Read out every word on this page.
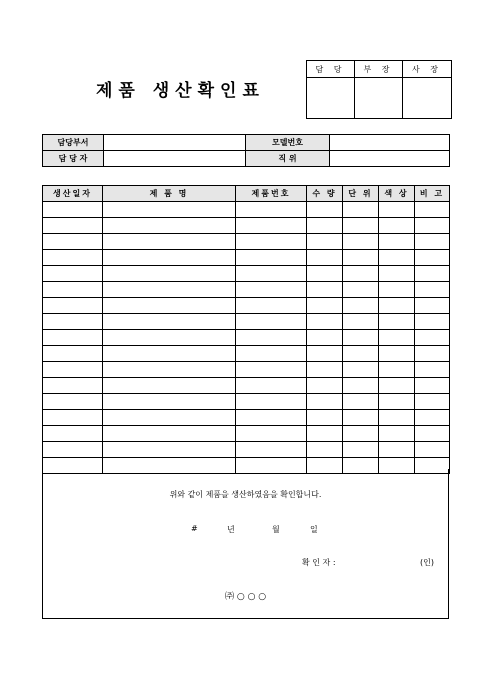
제품 생산확인표
담 당	부 장	사 장

담당부서		모델번호	
담 당 자		직 위	
생산일자	제 품 명	제품번호	수 량	단 위	색 상	비 고

위와 같이 제품을 생산하였음을 확인합니다.
#	년	월	일
확 인 자 :	(인)
㈜ ○ ○ ○
